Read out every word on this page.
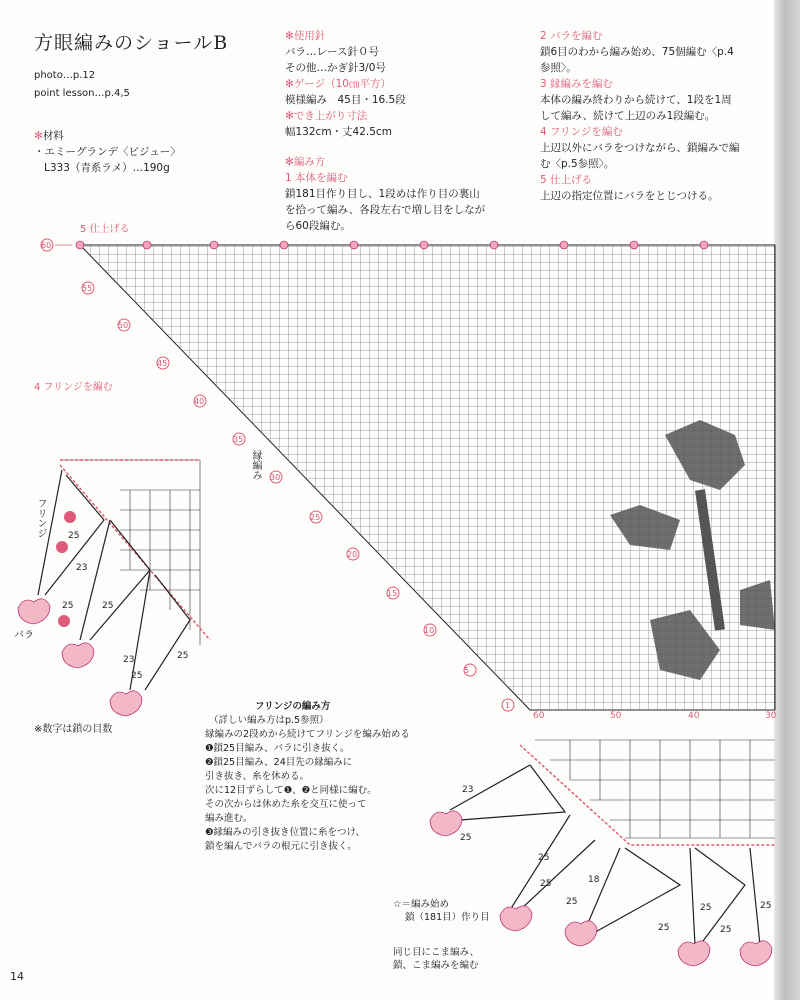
方眼編みのショールB
photo…p.12
point lesson…p.4,5
✻材料
・エミーグランデ〈ビジュー〉
L333（青系ラメ）…190g
✻使用針
バラ…レース針０号
その他…かぎ針3/0号
✻ゲージ（10㎝平方）
模様編み　45目・16.5段
✻でき上がり寸法
幅132cm・丈42.5cm
✻編み方
1 本体を編む
鎖181目作り目し、1段めは作り目の裏山
を拾って編み、各段左右で増し目をしなが
ら60段編む。
2 バラを編む
鎖6目のわから編み始め、75個編む〈p.4
参照〉。
3 縁編みを編む
本体の編み終わりから続けて、1段を1周
して編み、続けて上辺のみ1段編む。
4 フリンジを編む
上辺以外にバラをつけながら、鎖編みで編
む〈p.5参照〉。
5 仕上げる
上辺の指定位置にバラをとじつける。
5 仕上げる
4 フリンジを編む
60
55
50
45
40
35
30
25
20
15
10
5
1
60	50	40	30
25
23
25	25
23
25
25
縁編み
フリンジ
バラ
※数字は鎖の目数
フリンジの編み方
（詳しい編み方はp.5参照）
縁編みの2段めから続けてフリンジを編み始める
❶鎖25目編み、バラに引き抜く。
❷鎖25目編み、24目先の縁編みに
引き抜き、糸を休める。
次に12目ずらして❶、❷と同様に編む。
その次からは休めた糸を交互に使って
編み進む。
❸縁編みの引き抜き位置に糸をつけ、
鎖を編んでバラの根元に引き抜く。
23
25
25
25	18
25
25
25
25
25
☆＝編み始め
鎖（181目）作り目
同じ目にこま編み、
鎖、こま編みを編む
14
